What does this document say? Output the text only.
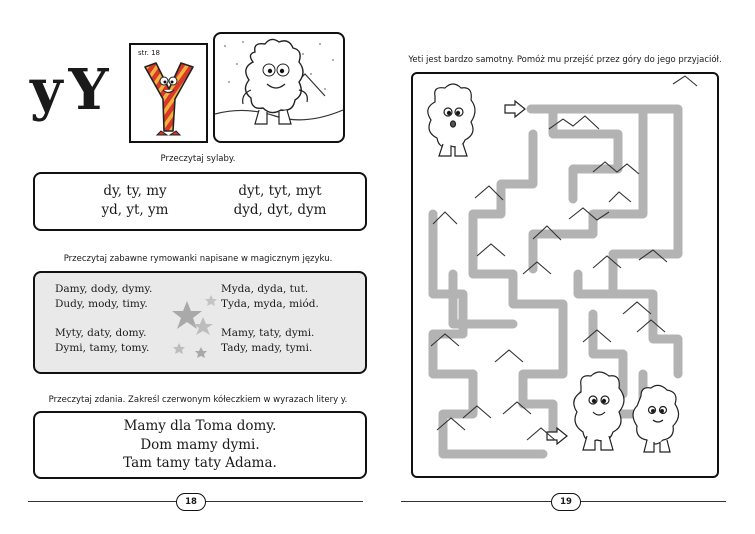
y Y
str. 18
Przeczytaj sylaby.
dy, ty, my
yd, yt, ym
dyt, tyt, myt
dyd, dyt, dym
Przeczytaj zabawne rymowanki napisane w magicznym języku.
Damy, dody, dymy.
Dudy, mody, timy.
Myty, daty, domy.
Dymi, tamy, tomy.
Myda, dyda, tut.
Tyda, myda, miód.
Mamy, taty, dymi.
Tady, mady, tymi.
Przeczytaj zdania. Zakreśl czerwonym kółeczkiem w wyrazach litery y.
Mamy dla Toma domy.
Dom mamy dymi.
Tam tamy taty Adama.
18
Yeti jest bardzo samotny. Pomóż mu przejść przez góry do jego przyjaciół.
19
